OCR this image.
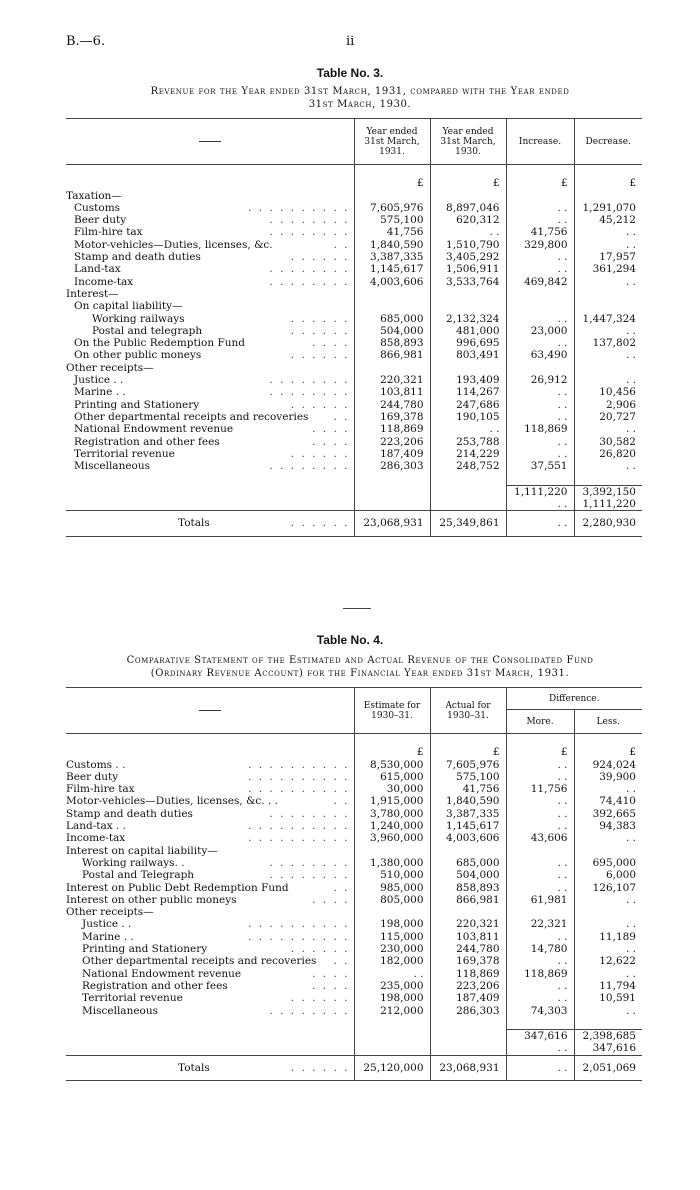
B.—6.	ii
Table No. 3.
Revenue for the Year ended 31st March, 1931, compared with the Year ended
31st March, 1930.
	Year ended
31st March,
1931.	Year ended
31st March,
1930.	Increase.	Decrease.

	£	£	£	£
Taxation—				
Customs . . . . . . . . . .	7,605,976	8,897,046	. .	1,291,070
Beer duty . . . . . . . .	575,100	620,312	. .	45,212
Film-hire tax . . . . . . . .	41,756	. .	41,756	. .
Motor-vehicles—Duties, licenses, &c. . .	1,840,590	1,510,790	329,800	. .
Stamp and death duties . . . . . .	3,387,335	3,405,292	. .	17,957
Land-tax . . . . . . . .	1,145,617	1,506,911	. .	361,294
Income-tax . . . . . . . .	4,003,606	3,533,764	469,842	. .
Interest—				
On capital liability—				
Working railways . . . . . .	685,000	2,132,324	. .	1,447,324
Postal and telegraph . . . . . .	504,000	481,000	23,000	. .
On the Public Redemption Fund . . . .	858,893	996,695	. .	137,802
On other public moneys . . . . . .	866,981	803,491	63,490	. .
Other receipts—				
Justice . . . . . . . . . .	220,321	193,409	26,912	. .
Marine . . . . . . . . . .	103,811	114,267	. .	10,456
Printing and Stationery . . . . . .	244,780	247,686	. .	2,906
Other departmental receipts and recoveries . .	169,378	190,105	. .	20,727
National Endowment revenue . . . .	118,869	. .	118,869	. .
Registration and other fees . . . .	223,206	253,788	. .	30,582
Territorial revenue . . . . . .	187,409	214,229	. .	26,820
Miscellaneous . . . . . . . .	286,303	248,752	37,551	. .

			1,111,220	3,392,150
			. .	1,111,220
Totals . . . . . .	23,068,931	25,349,861	. .	2,280,930
Table No. 4.
Comparative Statement of the Estimated and Actual Revenue of the Consolidated Fund
(Ordinary Revenue Account) for the Financial Year ended 31st March, 1931.
	Estimate for
1930–31.	Actual for
1930–31.	Difference.	
			More.	Less.

	£	£	£	£
Customs . . . . . . . . . . . .	8,530,000	7,605,976	. .	924,024
Beer duty . . . . . . . . . .	615,000	575,100	. .	39,900
Film-hire tax . . . . . . . . . .	30,000	41,756	11,756	. .
Motor-vehicles—Duties, licenses, &c. . . . .	1,915,000	1,840,590	. .	74,410
Stamp and death duties . . . . . . . .	3,780,000	3,387,335	. .	392,665
Land-tax . . . . . . . . . . . .	1,240,000	1,145,617	. .	94,383
Income-tax . . . . . . . . . .	3,960,000	4,003,606	43,606	. .
Interest on capital liability—				
Working railways. . . . . . . . . .	1,380,000	685,000	. .	695,000
Postal and Telegraph . . . . . . . .	510,000	504,000	. .	6,000
Interest on Public Debt Redemption Fund . .	985,000	858,893	. .	126,107
Interest on other public moneys . . . .	805,000	866,981	61,981	. .
Other receipts—				
Justice . . . . . . . . . . . .	198,000	220,321	22,321	. .
Marine . . . . . . . . . . . .	115,000	103,811	. .	11,189
Printing and Stationery . . . . . .	230,000	244,780	14,780	. .
Other departmental receipts and recoveries . .	182,000	169,378	. .	12,622
National Endowment revenue . . . .	. .	118,869	118,869	. .
Registration and other fees . . . .	235,000	223,206	. .	11,794
Territorial revenue . . . . . .	198,000	187,409	. .	10,591
Miscellaneous . . . . . . . .	212,000	286,303	74,303	. .

			347,616	2,398,685
			. .	347,616
Totals . . . . . .	25,120,000	23,068,931	. .	2,051,069
